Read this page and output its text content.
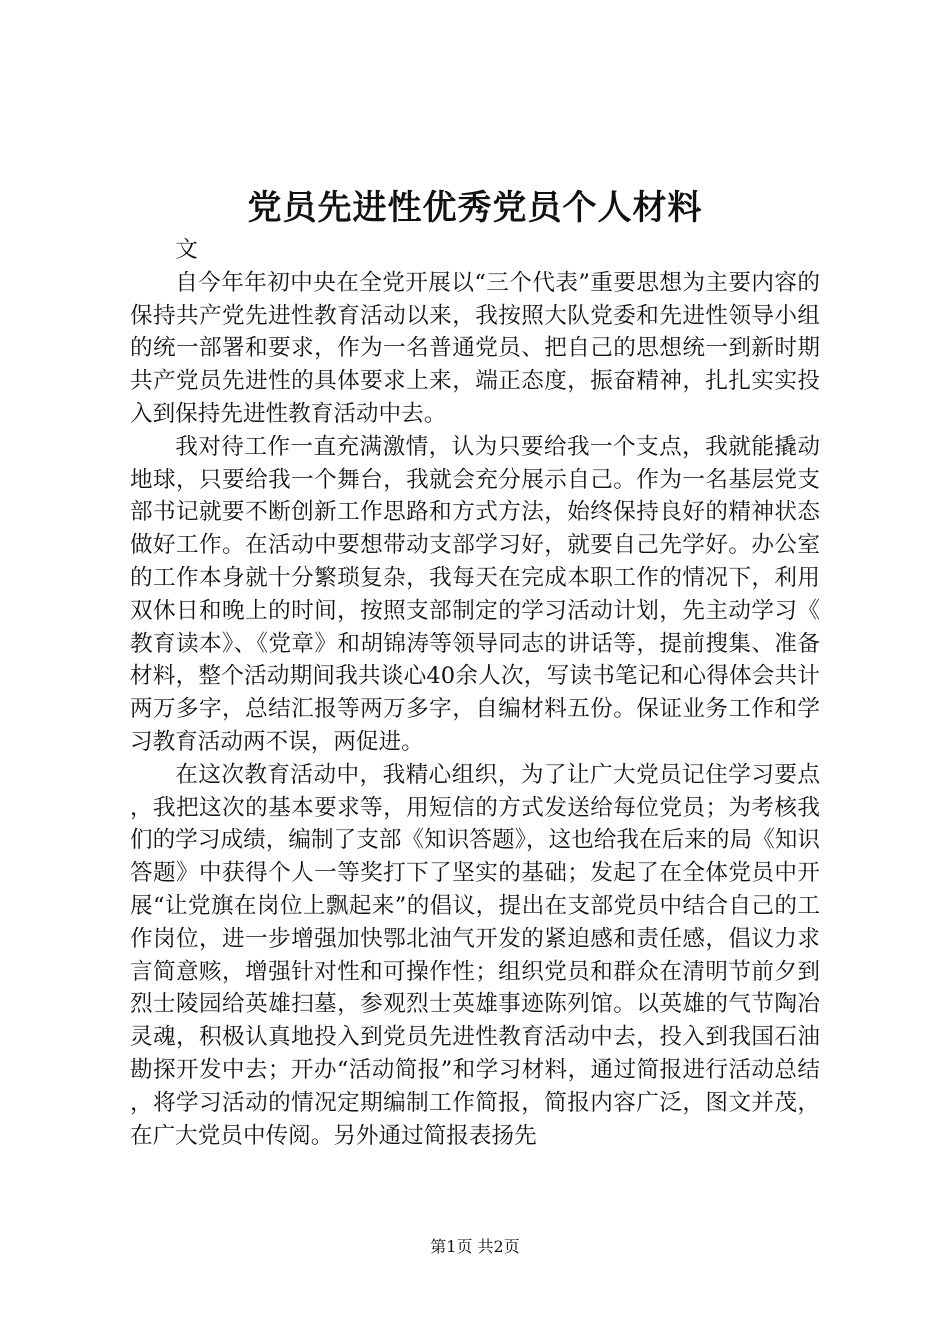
党员先进性优秀党员个人材料

文

自今年年初中央在全党开展以“三个代表”重要思想为主要内容的保持共产党先进性教育活动以来，我按照大队党委和先进性领导小组的统一部署和要求，作为一名普通党员、把自己的思想统一到新时期共产党员先进性的具体要求上来，端正态度，振奋精神，扎扎实实投入到保持先进性教育活动中去。

我对待工作一直充满激情，认为只要给我一个支点，我就能撬动地球，只要给我一个舞台，我就会充分展示自己。作为一名基层党支部书记就要不断创新工作思路和方式方法，始终保持良好的精神状态做好工作。在活动中要想带动支部学习好，就要自己先学好。办公室的工作本身就十分繁琐复杂，我每天在完成本职工作的情况下，利用双休日和晚上的时间，按照支部制定的学习活动计划，先主动学习《教育读本》、《党章》和胡锦涛等领导同志的讲话等，提前搜集、准备材料，整个活动期间我共谈心40余人次，写读书笔记和心得体会共计两万多字，总结汇报等两万多字，自编材料五份。保证业务工作和学习教育活动两不误，两促进。

在这次教育活动中，我精心组织，为了让广大党员记住学习要点，我把这次的基本要求等，用短信的方式发送给每位党员；为考核我们的学习成绩，编制了支部《知识答题》，这也给我在后来的局《知识答题》中获得个人一等奖打下了坚实的基础；发起了在全体党员中开展“让党旗在岗位上飘起来”的倡议，提出在支部党员中结合自己的工作岗位，进一步增强加快鄂北油气开发的紧迫感和责任感，倡议力求言简意赅，增强针对性和可操作性；组织党员和群众在清明节前夕到烈士陵园给英雄扫墓，参观烈士英雄事迹陈列馆。以英雄的气节陶冶灵魂，积极认真地投入到党员先进性教育活动中去，投入到我国石油勘探开发中去；开办“活动简报”和学习材料，通过简报进行活动总结，将学习活动的情况定期编制工作简报，简报内容广泛，图文并茂，在广大党员中传阅。另外通过简报表扬先

第1页 共2页
